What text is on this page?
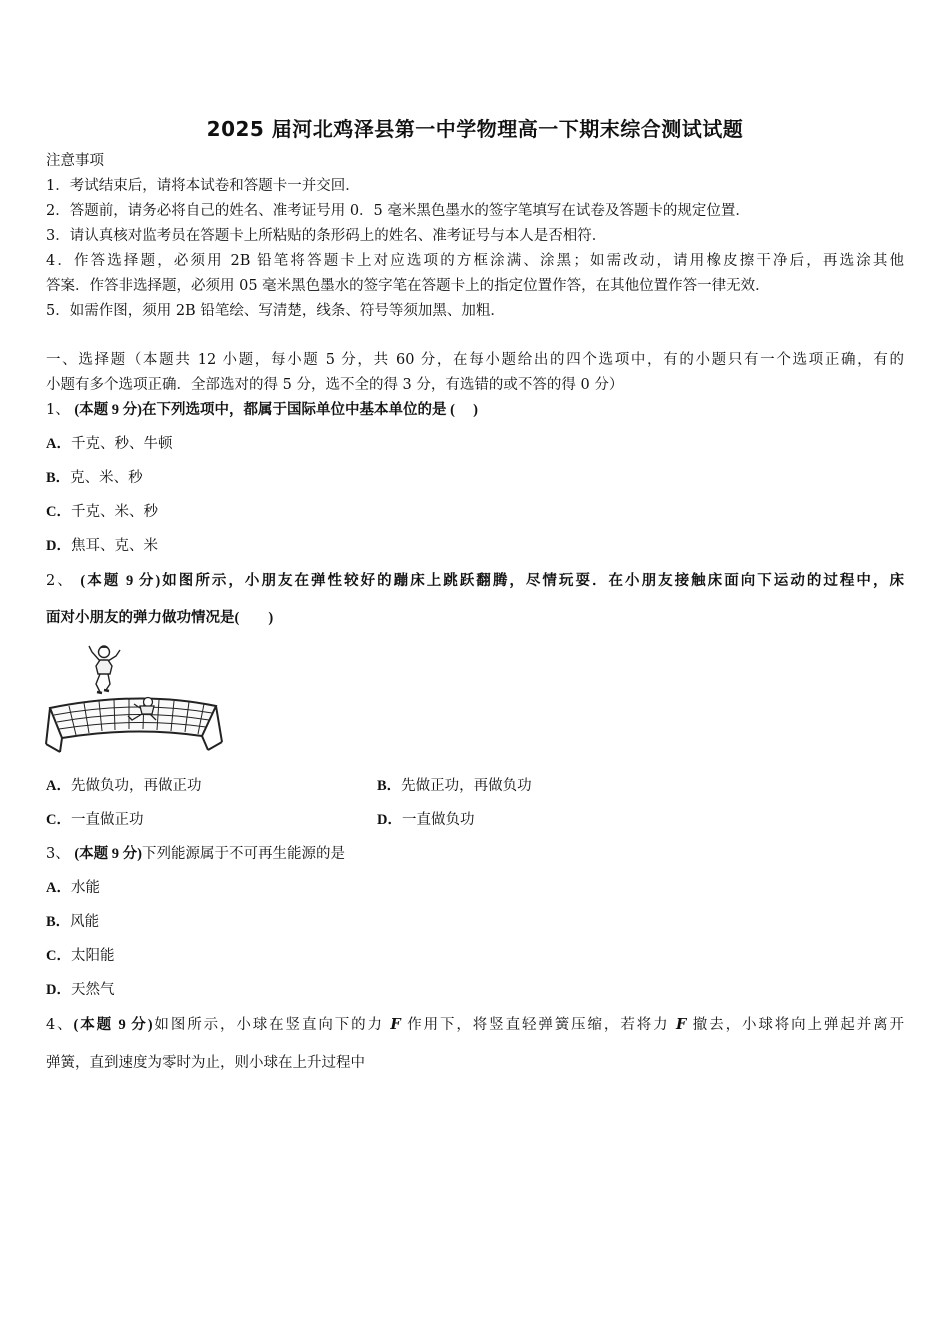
2025 届河北鸡泽县第一中学物理高一下期末综合测试试题
注意事项
1．考试结束后，请将本试卷和答题卡一并交回．
2．答题前，请务必将自己的姓名、准考证号用 0．5 毫米黑色墨水的签字笔填写在试卷及答题卡的规定位置．
3．请认真核对监考员在答题卡上所粘贴的条形码上的姓名、准考证号与本人是否相符．
4．作答选择题，必须用 2B 铅笔将答题卡上对应选项的方框涂满、涂黑；如需改动，请用橡皮擦干净后，再选涂其他
答案．作答非选择题，必须用 05 毫米黑色墨水的签字笔在答题卡上的指定位置作答，在其他位置作答一律无效．
5．如需作图，须用 2B 铅笔绘、写清楚，线条、符号等须加黑、加粗．
一、选择题（本题共 12 小题，每小题 5 分，共 60 分，在每小题给出的四个选项中，有的小题只有一个选项正确，有的
小题有多个选项正确．全部选对的得 5 分，选不全的得 3 分，有选错的或不答的得 0 分）
1、 (本题 9 分)在下列选项中，都属于国际单位中基本单位的是 (　 )
A．千克、秒、牛顿
B．克、米、秒
C．千克、米、秒
D．焦耳、克、米
2、 (本题 9 分)如图所示，小朋友在弹性较好的蹦床上跳跃翻腾，尽情玩耍．在小朋友接触床面向下运动的过程中，床
面对小朋友的弹力做功情况是(　　)
A．先做负功，再做正功	B．先做正功，再做负功
C．一直做正功	D．一直做负功
3、 (本题 9 分)下列能源属于不可再生能源的是
A．水能
B．风能
C．太阳能
D．天然气
4、(本题 9 分)如图所示，小球在竖直向下的力 F 作用下，将竖直轻弹簧压缩，若将力 F 撤去，小球将向上弹起并离开
弹簧，直到速度为零时为止，则小球在上升过程中
